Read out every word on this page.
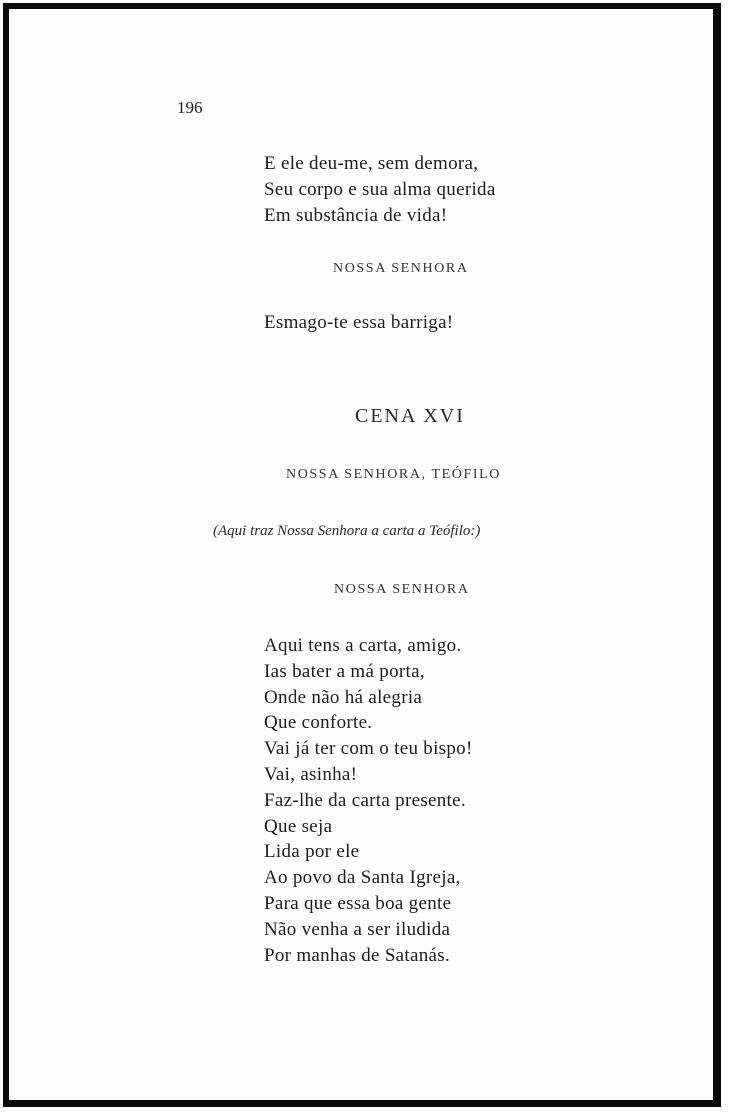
196

E ele deu-me, sem demora,
Seu corpo e sua alma querida
Em substância de vida!

NOSSA SENHORA

Esmago-te essa barriga!

CENA XVI

NOSSA SENHORA, TEÓFILO

(Aqui traz Nossa Senhora a carta a Teófilo:)

NOSSA SENHORA

Aqui tens a carta, amigo.
Ias bater a má porta,
Onde não há alegria
Que conforte.
Vai já ter com o teu bispo!
Vai, asinha!
Faz-lhe da carta presente.
Que seja
Lida por ele
Ao povo da Santa Igreja,
Para que essa boa gente
Não venha a ser iludida
Por manhas de Satanás.
